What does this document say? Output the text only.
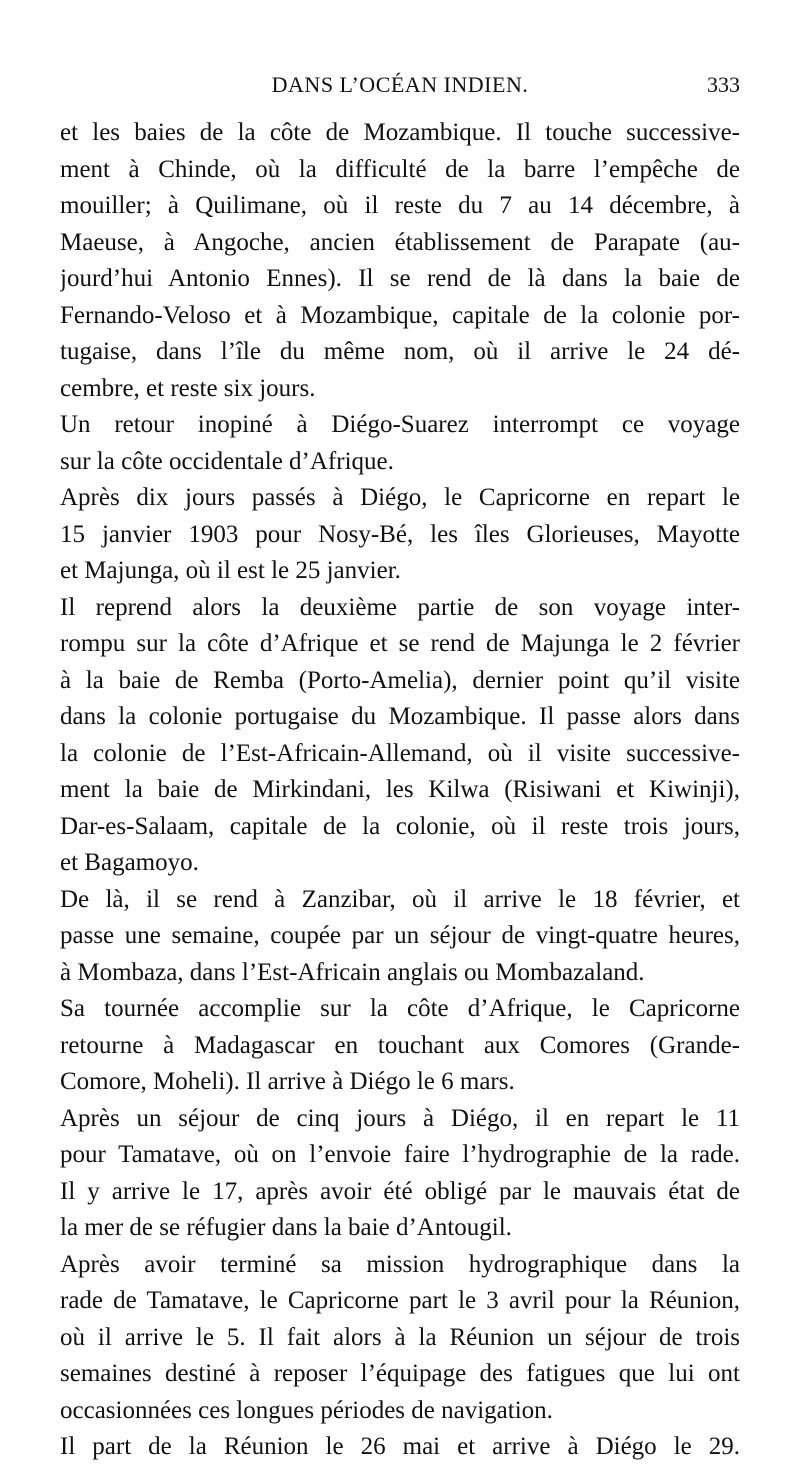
DANS L’OCÉAN INDIEN.	333
et les baies de la côte de Mozambique. Il touche successive-
ment à Chinde, où la difficulté de la barre l’empêche de
mouiller; à Quilimane, où il reste du 7 au 14 décembre, à
Maeuse, à Angoche, ancien établissement de Parapate (au-
jourd’hui Antonio Ennes). Il se rend de là dans la baie de
Fernando-Veloso et à Mozambique, capitale de la colonie por-
tugaise, dans l’île du même nom, où il arrive le 24 dé-
cembre, et reste six jours.
Un retour inopiné à Diégo-Suarez interrompt ce voyage
sur la côte occidentale d’Afrique.
Après dix jours passés à Diégo, le Capricorne en repart le
15 janvier 1903 pour Nosy-Bé, les îles Glorieuses, Mayotte
et Majunga, où il est le 25 janvier.
Il reprend alors la deuxième partie de son voyage inter-
rompu sur la côte d’Afrique et se rend de Majunga le 2 février
à la baie de Remba (Porto-Amelia), dernier point qu’il visite
dans la colonie portugaise du Mozambique. Il passe alors dans
la colonie de l’Est-Africain-Allemand, où il visite successive-
ment la baie de Mirkindani, les Kilwa (Risiwani et Kiwinji),
Dar-es-Salaam, capitale de la colonie, où il reste trois jours,
et Bagamoyo.
De là, il se rend à Zanzibar, où il arrive le 18 février, et
passe une semaine, coupée par un séjour de vingt-quatre heures,
à Mombaza, dans l’Est-Africain anglais ou Mombazaland.
Sa tournée accomplie sur la côte d’Afrique, le Capricorne
retourne à Madagascar en touchant aux Comores (Grande-
Comore, Moheli). Il arrive à Diégo le 6 mars.
Après un séjour de cinq jours à Diégo, il en repart le 11
pour Tamatave, où on l’envoie faire l’hydrographie de la rade.
Il y arrive le 17, après avoir été obligé par le mauvais état de
la mer de se réfugier dans la baie d’Antougil.
Après avoir terminé sa mission hydrographique dans la
rade de Tamatave, le Capricorne part le 3 avril pour la Réunion,
où il arrive le 5. Il fait alors à la Réunion un séjour de trois
semaines destiné à reposer l’équipage des fatigues que lui ont
occasionnées ces longues périodes de navigation.
Il part de la Réunion le 26 mai et arrive à Diégo le 29.
